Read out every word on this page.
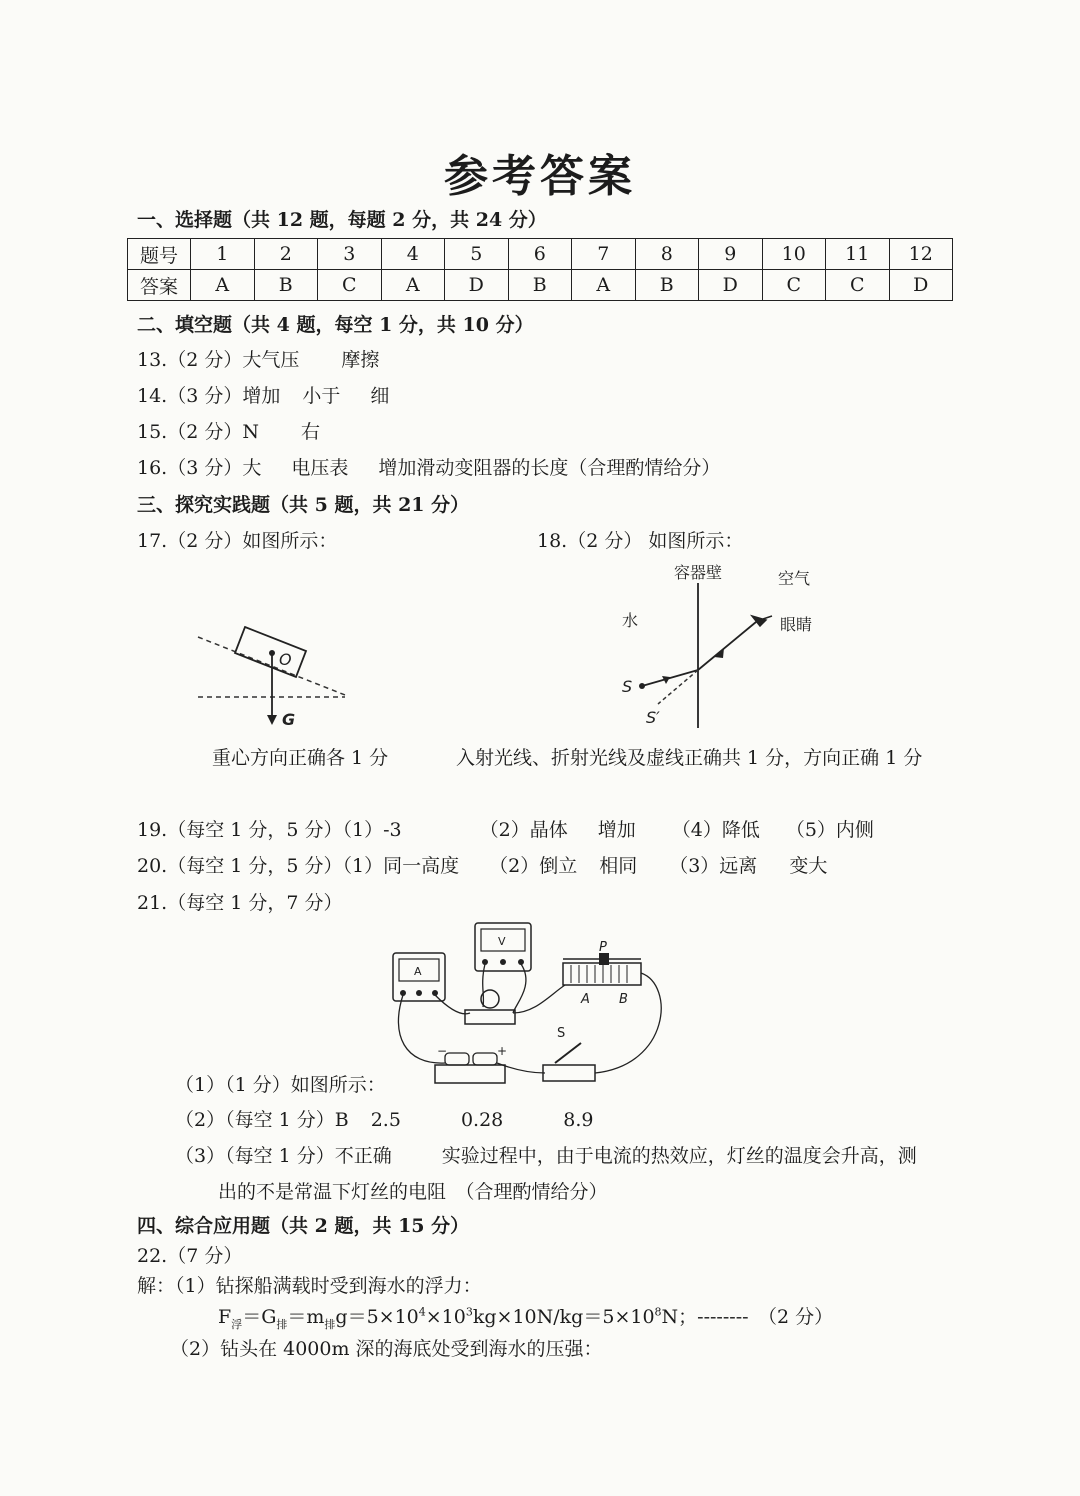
参考答案
一、选择题（共 12 题，每题 2 分，共 24 分）
题号	1	2	3	4	5	6	7	8	9	10	11	12
答案	A	B	C	A	D	B	A	B	D	C	C	D
二、填空题（共 4 题，每空 1 分，共 10 分）
13.（2 分）大气压 摩擦
14.（3 分）增加 小于 细
15.（2 分）N 右
16.（3 分）大 电压表 增加滑动变阻器的长度（合理酌情给分）
三、探究实践题（共 5 题，共 21 分）
17.（2 分）如图所示：	18.（2 分） 如图所示：
O
G
容器壁	空气
水	眼睛
S
S′
重心方向正确各 1 分	入射光线、折射光线及虚线正确共 1 分，方向正确 1 分
19.（每空 1 分，5 分）（1）-3	（2）晶体 增加 （4）降低 （5）内侧
20.（每空 1 分，5 分）（1）同一高度 （2）倒立 相同 （3）远离 变大
21.（每空 1 分，7 分）
A
V	P
A B
−	+
S
（1）（1 分）如图所示：
（2）（每空 1 分）B 2.5	0.28	8.9
（3）（每空 1 分）不正确	实验过程中，由于电流的热效应，灯丝的温度会升高，测
出的不是常温下灯丝的电阻　（合理酌情给分）
四、综合应用题（共 2 题，共 15 分）
22.（7 分）
解：（1）钻探船满载时受到海水的浮力：
$F_浮=G_排=m_排g=5\times 10^4\times 10^3kg\times 10N/kg=5\times 10^8N$；--------　（2 分）
（2）钻头在 4000m 深的海底处受到海水的压强：
